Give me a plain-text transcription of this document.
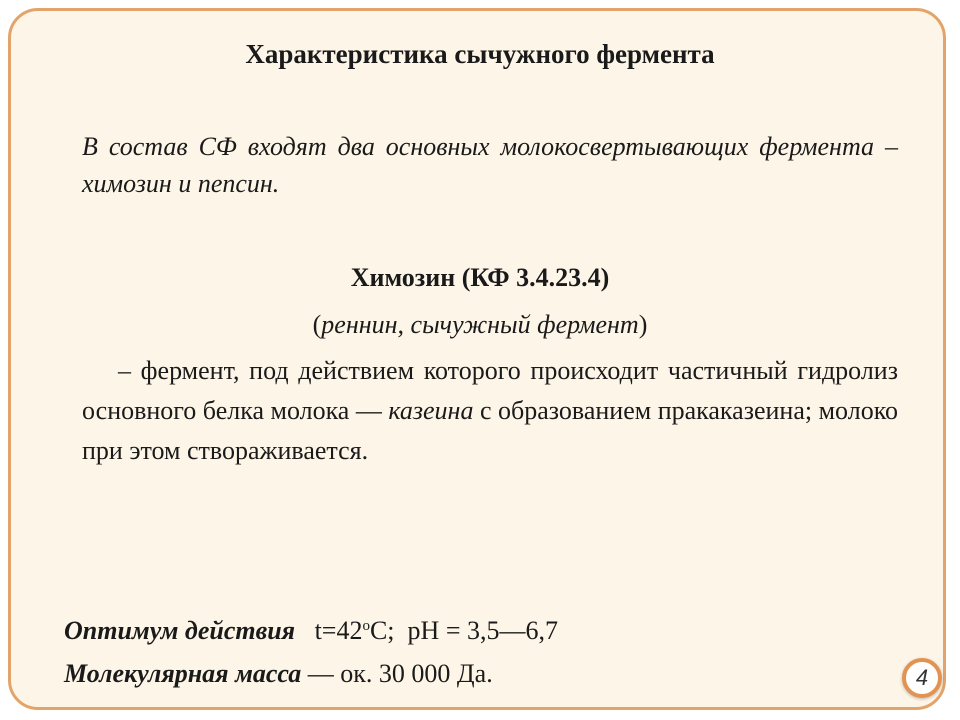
Характеристика сычужного фермента

В состав СФ входят два основных молокосвертывающих фермента – химозин и пепсин.

Химозин (КФ 3.4.23.4)

(реннин, сычужный фермент)

– фермент, под действием которого происходит частичный гидролиз основного белка молока — казеина с образованием пракаказеина; молоко при этом створаживается.

Оптимум действия $t=42^оС$; pH = 3,5—6,7

Молекулярная масса — ок. 30 000 Да.	4
